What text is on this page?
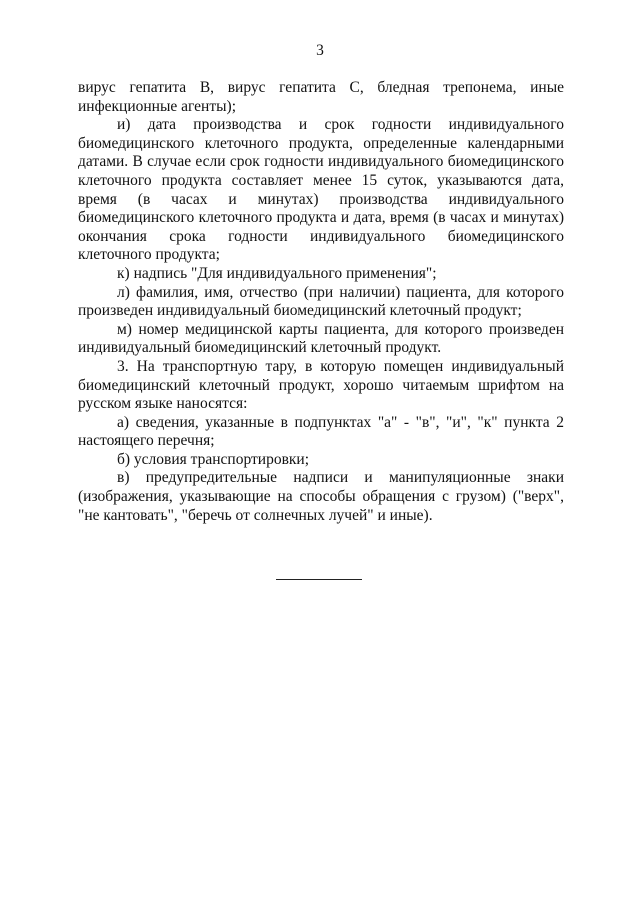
3

вирус гепатита В, вирус гепатита С, бледная трепонема, иные инфекционные агенты);

и) дата производства и срок годности индивидуального биомедицинского клеточного продукта, определенные календарными датами. В случае если срок годности индивидуального биомедицинского клеточного продукта составляет менее 15 суток, указываются дата, время (в часах и минутах) производства индивидуального биомедицинского клеточного продукта и дата, время (в часах и минутах) окончания срока годности индивидуального биомедицинского клеточного продукта;

к) надпись "Для индивидуального применения";

л) фамилия, имя, отчество (при наличии) пациента, для которого произведен индивидуальный биомедицинский клеточный продукт;

м) номер медицинской карты пациента, для которого произведен индивидуальный биомедицинский клеточный продукт.

3. На транспортную тару, в которую помещен индивидуальный биомедицинский клеточный продукт, хорошо читаемым шрифтом на русском языке наносятся:

а) сведения, указанные в подпунктах "а" - "в", "и", "к" пункта 2 настоящего перечня;

б) условия транспортировки;

в) предупредительные надписи и манипуляционные знаки (изображения, указывающие на способы обращения с грузом) ("верх", "не кантовать", "беречь от солнечных лучей" и иные).
